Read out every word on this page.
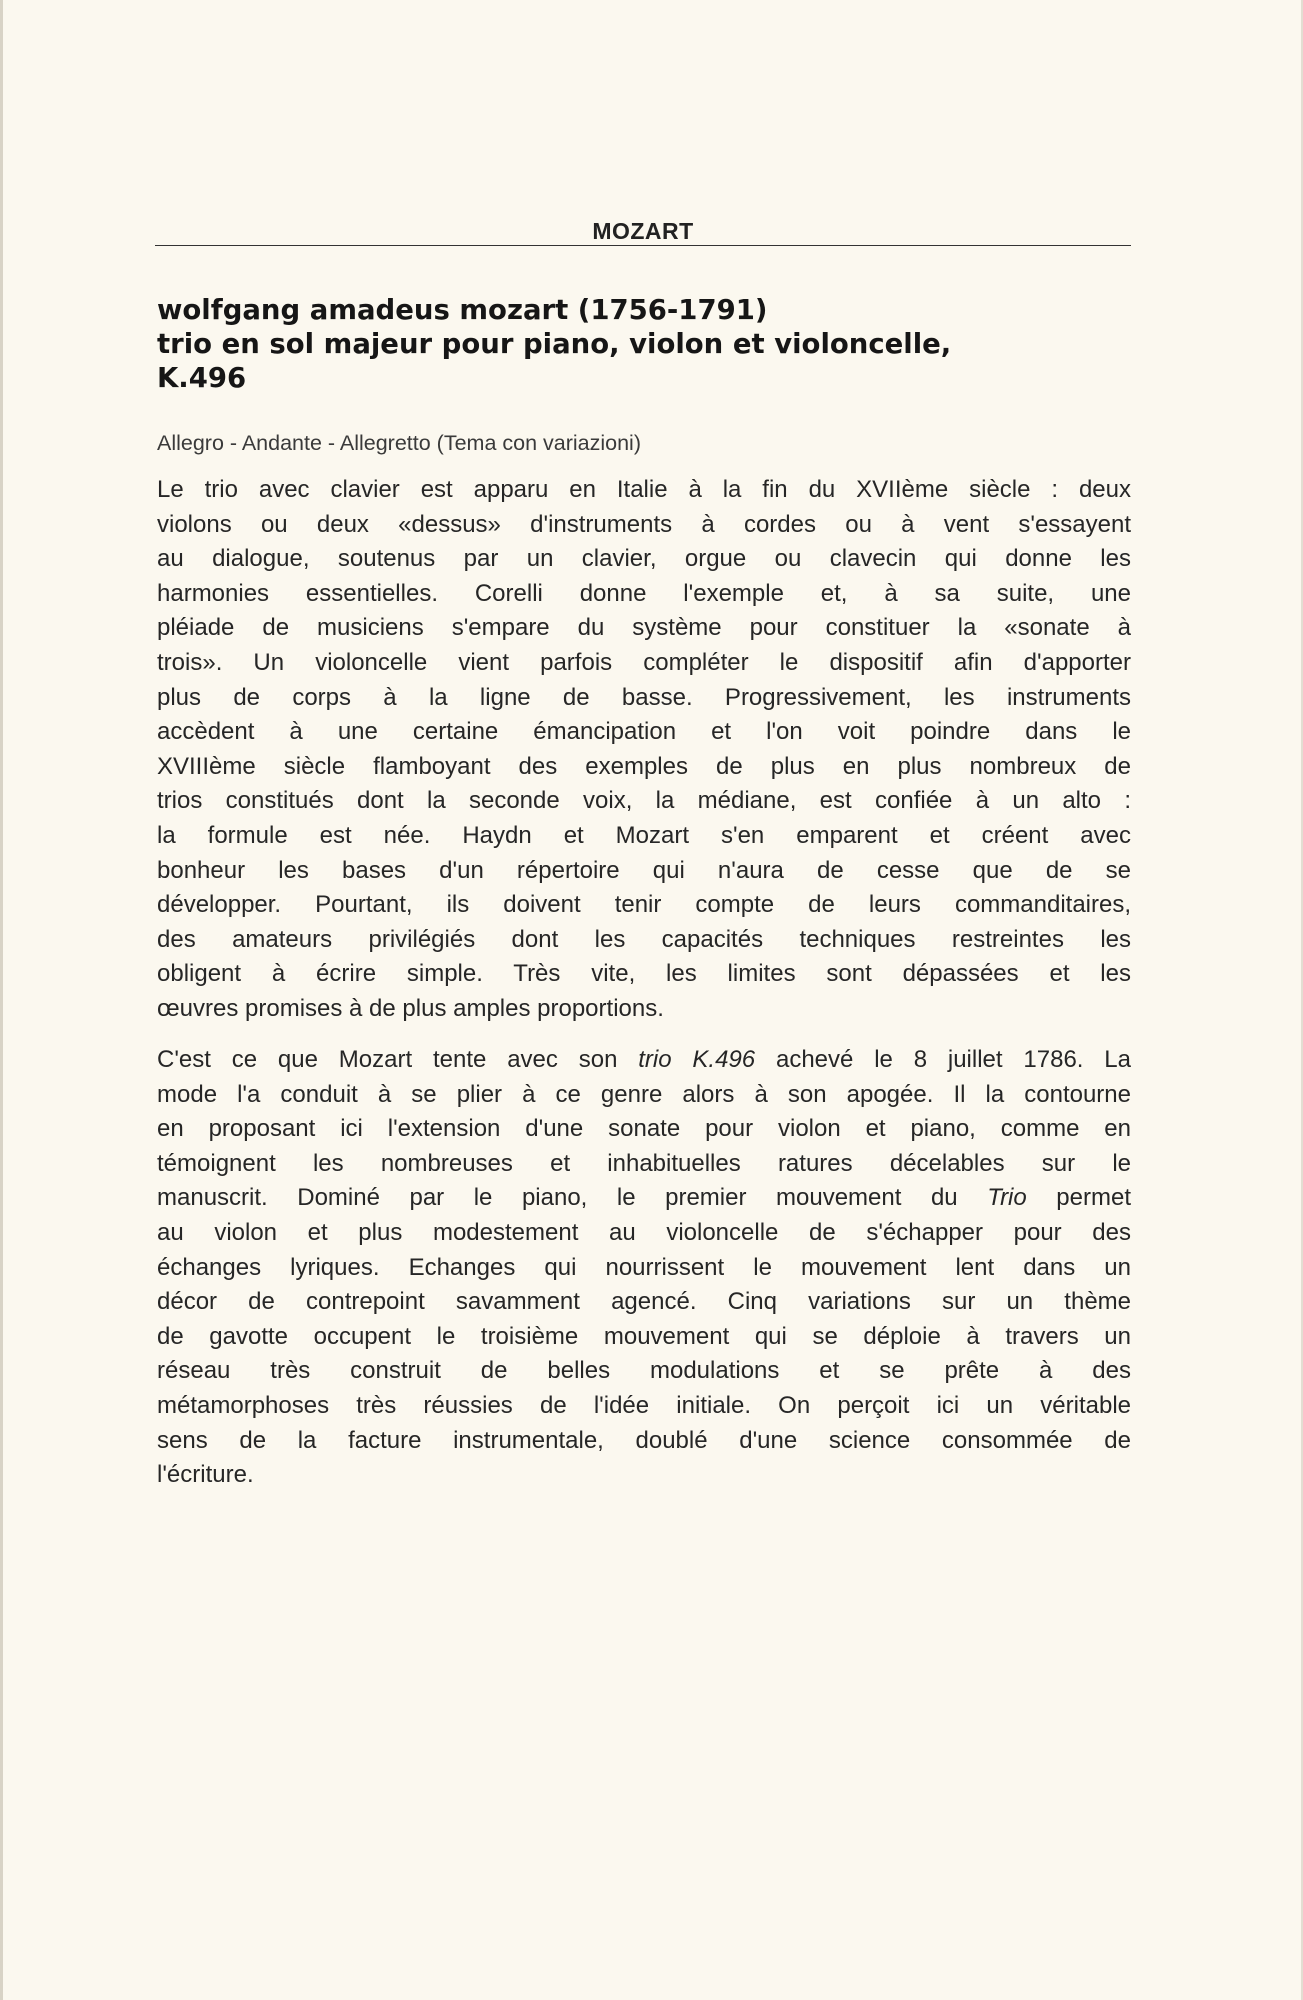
MOZART
wolfgang amadeus mozart (1756-1791)
trio en sol majeur pour piano, violon et violoncelle,
K.496
Allegro - Andante - Allegretto (Tema con variazioni)
Le trio avec clavier est apparu en Italie à la fin du XVIIème siècle : deux
violons ou deux «dessus» d'instruments à cordes ou à vent s'essayent
au dialogue, soutenus par un clavier, orgue ou clavecin qui donne les
harmonies essentielles. Corelli donne l'exemple et, à sa suite, une
pléiade de musiciens s'empare du système pour constituer la «sonate à
trois». Un violoncelle vient parfois compléter le dispositif afin d'apporter
plus de corps à la ligne de basse. Progressivement, les instruments
accèdent à une certaine émancipation et l'on voit poindre dans le
XVIIIème siècle flamboyant des exemples de plus en plus nombreux de
trios constitués dont la seconde voix, la médiane, est confiée à un alto :
la formule est née. Haydn et Mozart s'en emparent et créent avec
bonheur les bases d'un répertoire qui n'aura de cesse que de se
développer. Pourtant, ils doivent tenir compte de leurs commanditaires,
des amateurs privilégiés dont les capacités techniques restreintes les
obligent à écrire simple. Très vite, les limites sont dépassées et les
œuvres promises à de plus amples proportions.
C'est ce que Mozart tente avec son trio K.496 achevé le 8 juillet 1786. La
mode l'a conduit à se plier à ce genre alors à son apogée. Il la contourne
en proposant ici l'extension d'une sonate pour violon et piano, comme en
témoignent les nombreuses et inhabituelles ratures décelables sur le
manuscrit. Dominé par le piano, le premier mouvement du Trio permet
au violon et plus modestement au violoncelle de s'échapper pour des
échanges lyriques. Echanges qui nourrissent le mouvement lent dans un
décor de contrepoint savamment agencé. Cinq variations sur un thème
de gavotte occupent le troisième mouvement qui se déploie à travers un
réseau très construit de belles modulations et se prête à des
métamorphoses très réussies de l'idée initiale. On perçoit ici un véritable
sens de la facture instrumentale, doublé d'une science consommée de
l'écriture.
